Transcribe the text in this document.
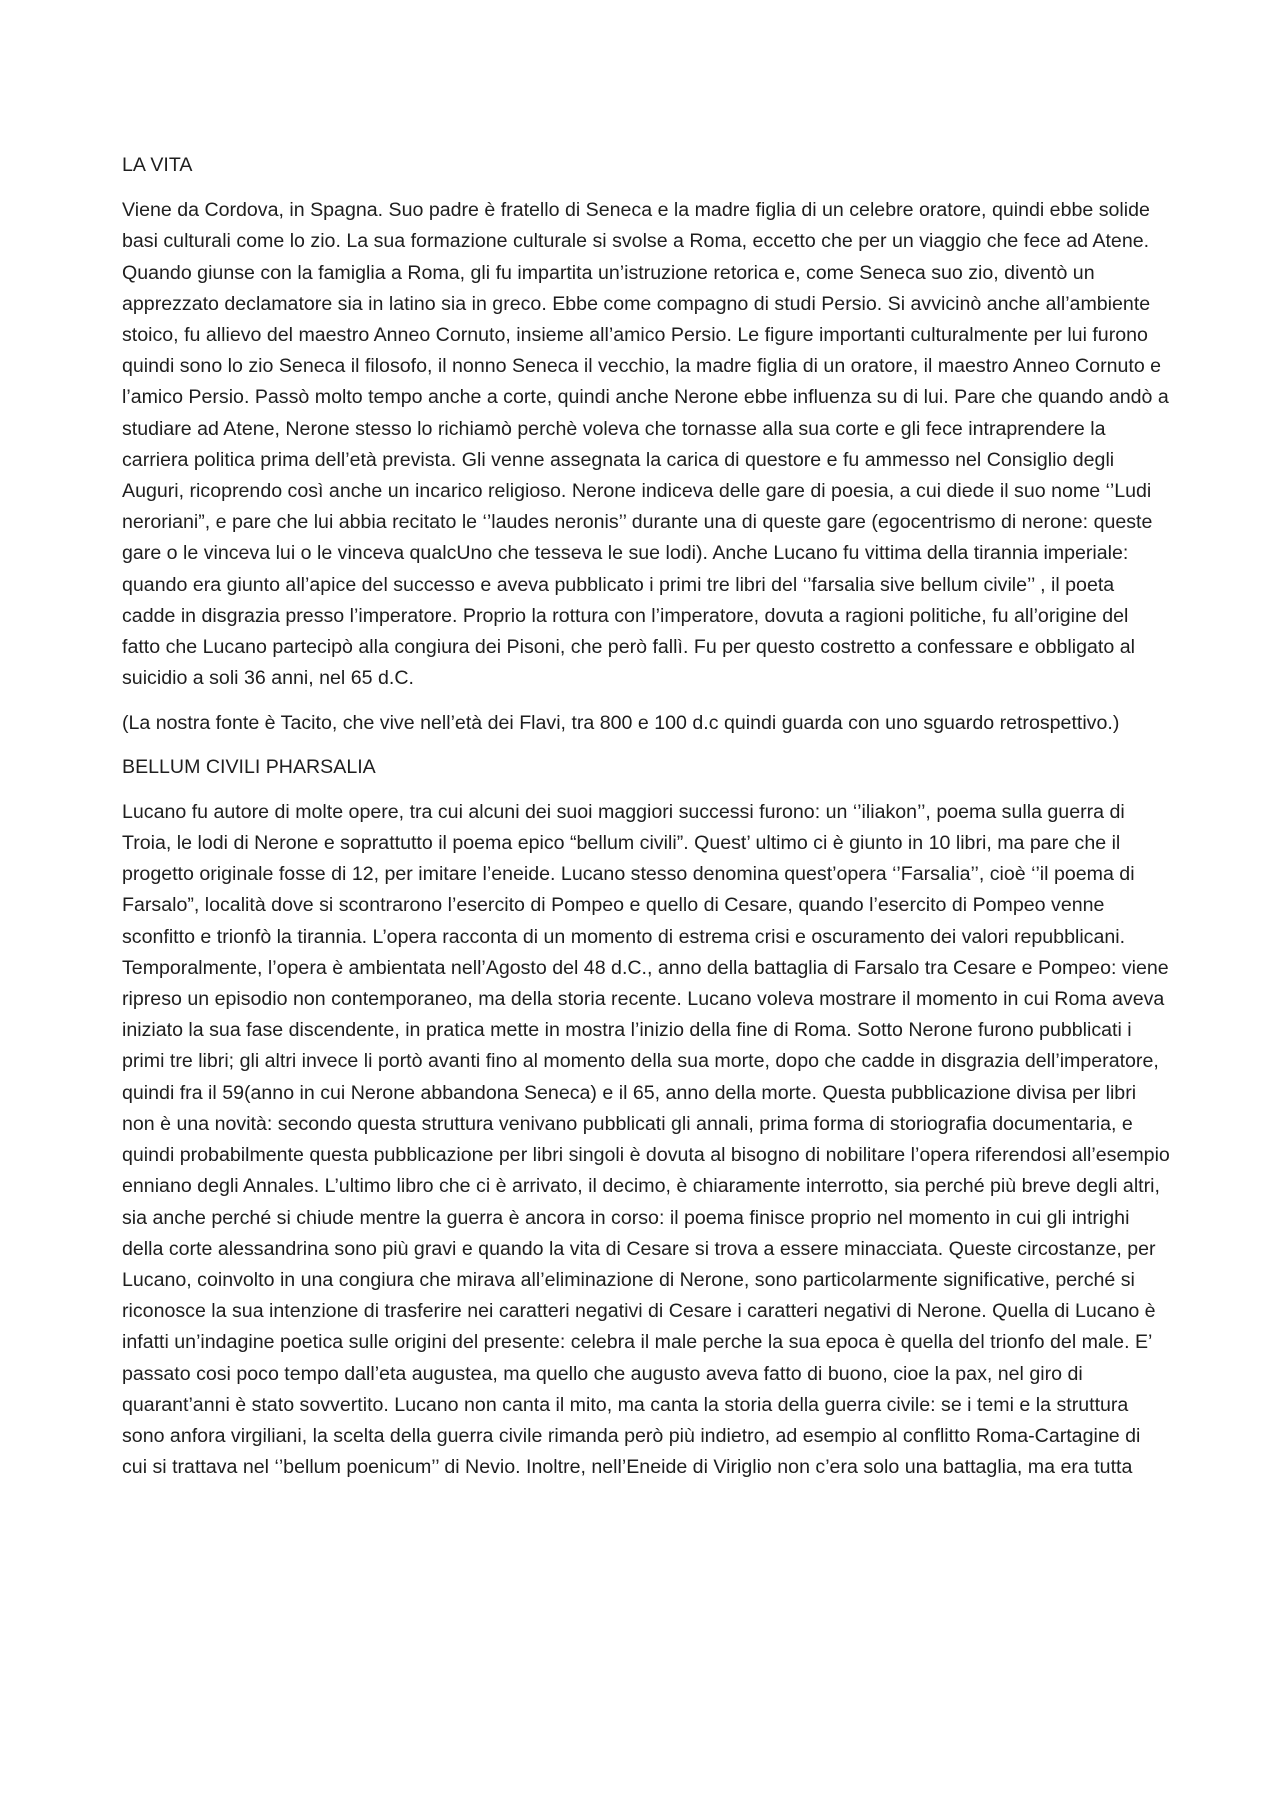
LA VITA

Viene da Cordova, in Spagna. Suo padre è fratello di Seneca e la madre figlia di un celebre oratore, quindi ebbe solide basi culturali come lo zio. La sua formazione culturale si svolse a Roma, eccetto che per un viaggio che fece ad Atene. Quando giunse con la famiglia a Roma, gli fu impartita un’istruzione retorica e, come Seneca suo zio, diventò un apprezzato declamatore sia in latino sia in greco. Ebbe come compagno di studi Persio. Si avvicinò anche all’ambiente stoico, fu allievo del maestro Anneo Cornuto, insieme all’amico Persio. Le figure importanti culturalmente per lui furono quindi sono lo zio Seneca il filosofo, il nonno Seneca il vecchio, la madre figlia di un oratore, il maestro Anneo Cornuto e l’amico Persio. Passò molto tempo anche a corte, quindi anche Nerone ebbe influenza su di lui. Pare che quando andò a studiare ad Atene, Nerone stesso lo richiamò perchè voleva che tornasse alla sua corte e gli fece intraprendere la carriera politica prima dell’età prevista. Gli venne assegnata la carica di questore e fu ammesso nel Consiglio degli Auguri, ricoprendo così anche un incarico religioso. Nerone indiceva delle gare di poesia, a cui diede il suo nome ‘’Ludi neroriani”, e pare che lui abbia recitato le ‘’laudes neronis’’ durante una di queste gare (egocentrismo di nerone: queste gare o le vinceva lui o le vinceva qualcUno che tesseva le sue lodi). Anche Lucano fu vittima della tirannia imperiale: quando era giunto all’apice del successo e aveva pubblicato i primi tre libri del ‘’farsalia sive bellum civile’’ , il poeta cadde in disgrazia presso l’imperatore. Proprio la rottura con l’imperatore, dovuta a ragioni politiche, fu all’origine del fatto che Lucano partecipò alla congiura dei Pisoni, che però fallì. Fu per questo costretto a confessare e obbligato al suicidio a soli 36 anni, nel 65 d.C.

(La nostra fonte è Tacito, che vive nell’età dei Flavi, tra 800 e 100 d.c quindi guarda con uno sguardo retrospettivo.)

BELLUM CIVILI PHARSALIA

Lucano fu autore di molte opere, tra cui alcuni dei suoi maggiori successi furono: un ‘’iliakon’’, poema sulla guerra di Troia, le lodi di Nerone e soprattutto il poema epico “bellum civili”. Quest’ ultimo ci è giunto in 10 libri, ma pare che il progetto originale fosse di 12, per imitare l’eneide. Lucano stesso denomina quest’opera ‘’Farsalia’’, cioè ‘’il poema di Farsalo”, località dove si scontrarono l’esercito di Pompeo e quello di Cesare, quando l’esercito di Pompeo venne sconfitto e trionfò la tirannia. L’opera racconta di un momento di estrema crisi e oscuramento dei valori repubblicani. Temporalmente, l’opera è ambientata nell’Agosto del 48 d.C., anno della battaglia di Farsalo tra Cesare e Pompeo: viene ripreso un episodio non contemporaneo, ma della storia recente. Lucano voleva mostrare il momento in cui Roma aveva iniziato la sua fase discendente, in pratica mette in mostra l’inizio della fine di Roma. Sotto Nerone furono pubblicati i primi tre libri; gli altri invece li portò avanti fino al momento della sua morte, dopo che cadde in disgrazia dell’imperatore, quindi fra il 59(anno in cui Nerone abbandona Seneca) e il 65, anno della morte. Questa pubblicazione divisa per libri non è una novità: secondo questa struttura venivano pubblicati gli annali, prima forma di storiografia documentaria, e quindi probabilmente questa pubblicazione per libri singoli è dovuta al bisogno di nobilitare l’opera riferendosi all’esempio enniano degli Annales. L’ultimo libro che ci è arrivato, il decimo, è chiaramente interrotto, sia perché più breve degli altri, sia anche perché si chiude mentre la guerra è ancora in corso: il poema finisce proprio nel momento in cui gli intrighi della corte alessandrina sono più gravi e quando la vita di Cesare si trova a essere minacciata. Queste circostanze, per Lucano, coinvolto in una congiura che mirava all’eliminazione di Nerone, sono particolarmente significative, perché si riconosce la sua intenzione di trasferire nei caratteri negativi di Cesare i caratteri negativi di Nerone. Quella di Lucano è infatti un’indagine poetica sulle origini del presente: celebra il male perche la sua epoca è quella del trionfo del male. E’ passato cosi poco tempo dall’eta augustea, ma quello che augusto aveva fatto di buono, cioe la pax, nel giro di quarant’anni è stato sovvertito. Lucano non canta il mito, ma canta la storia della guerra civile: se i temi e la struttura sono anfora virgiliani, la scelta della guerra civile rimanda però più indietro, ad esempio al conflitto Roma-Cartagine di cui si trattava nel ‘’bellum poenicum’’ di Nevio. Inoltre, nell’Eneide di Viriglio non c’era solo una battaglia, ma era tutta
